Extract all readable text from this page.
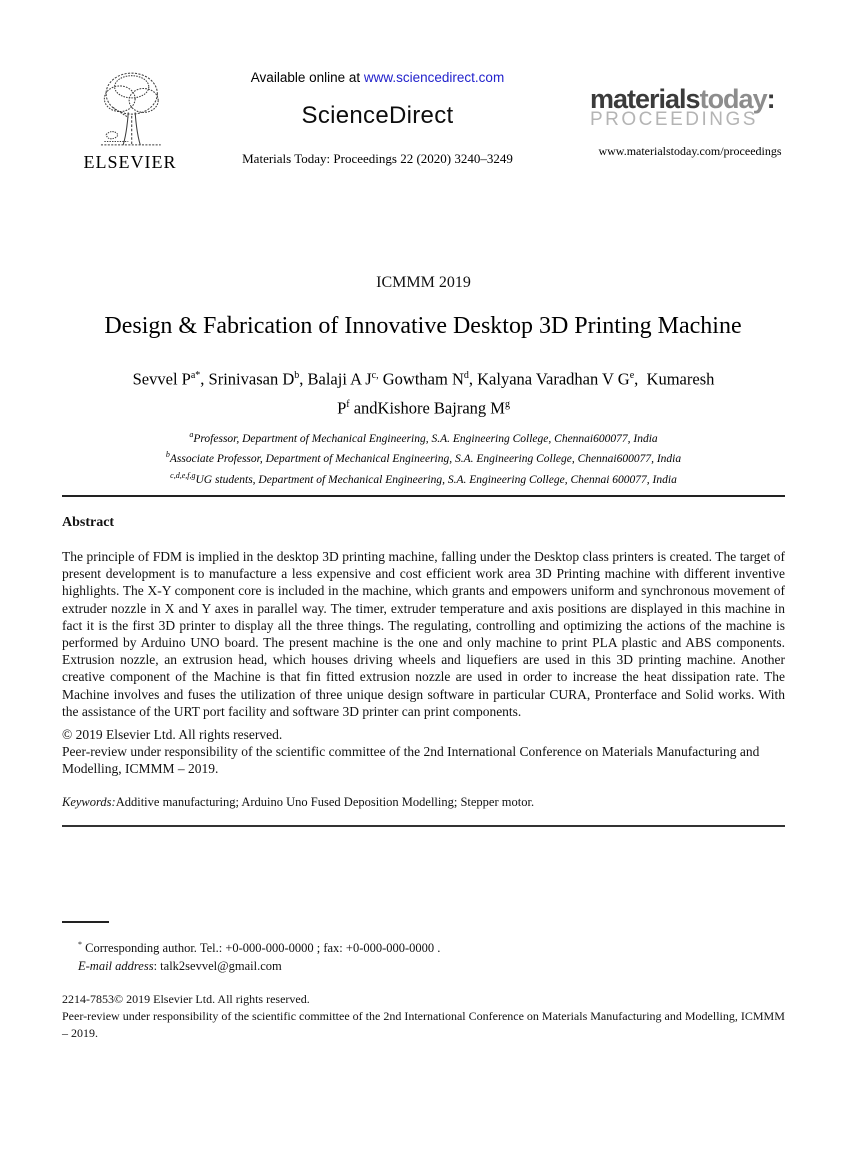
ELSEVIER
Available online at www.sciencedirect.com
ScienceDirect
Materials Today: Proceedings 22 (2020) 3240–3249
materialstoday:
PROCEEDINGS
www.materialstoday.com/proceedings
ICMMM 2019
Design & Fabrication of Innovative Desktop 3D Printing Machine
Sevvel $P^{a*}$, Srinivasan $D^b$, Balaji A $J^{c,}$ Gowtham $N^d$, Kalyana Varadhan V $G^e$,  Kumaresh
$P^f$ andKishore Bajrang $M^g$
$^a$Professor, Department of Mechanical Engineering, S.A. Engineering College, Chennai600077, India
$^b$Associate Professor, Department of Mechanical Engineering, S.A. Engineering College, Chennai600077, India
$^{c,d,e,f,g}$UG students, Department of Mechanical Engineering, S.A. Engineering College, Chennai 600077, India
Abstract
The principle of FDM is implied in the desktop 3D printing machine, falling under the Desktop class printers is created. The target of present development is to manufacture a less expensive and cost efficient work area 3D Printing machine with different inventive highlights. The X-Y component core is included in the machine, which grants and empowers uniform and synchronous movement of extruder nozzle in X and Y axes in parallel way. The timer, extruder temperature and axis positions are displayed in this machine in fact it is the first 3D printer to display all the three things. The regulating, controlling and optimizing the actions of the machine is performed by Arduino UNO board. The present machine is the one and only machine to print PLA plastic and ABS components. Extrusion nozzle, an extrusion head, which houses driving wheels and liquefiers are used in this 3D printing machine. Another creative component of the Machine is that fin fitted extrusion nozzle are used in order to increase the heat dissipation rate. The Machine involves and fuses the utilization of three unique design software in particular CURA, Pronterface and Solid works. With the assistance of the URT port facility and software 3D printer can print components.
© 2019 Elsevier Ltd. All rights reserved.
Peer-review under responsibility of the scientific committee of the 2nd International Conference on Materials Manufacturing and Modelling, ICMMM – 2019.
Keywords:Additive manufacturing; Arduino Uno Fused Deposition Modelling; Stepper motor.
* Corresponding author. Tel.: +0-000-000-0000 ; fax: +0-000-000-0000 .
E-mail address: talk2sevvel@gmail.com
2214-7853© 2019 Elsevier Ltd. All rights reserved.
Peer-review under responsibility of the scientific committee of the 2nd International Conference on Materials Manufacturing and Modelling, ICMMM – 2019.
